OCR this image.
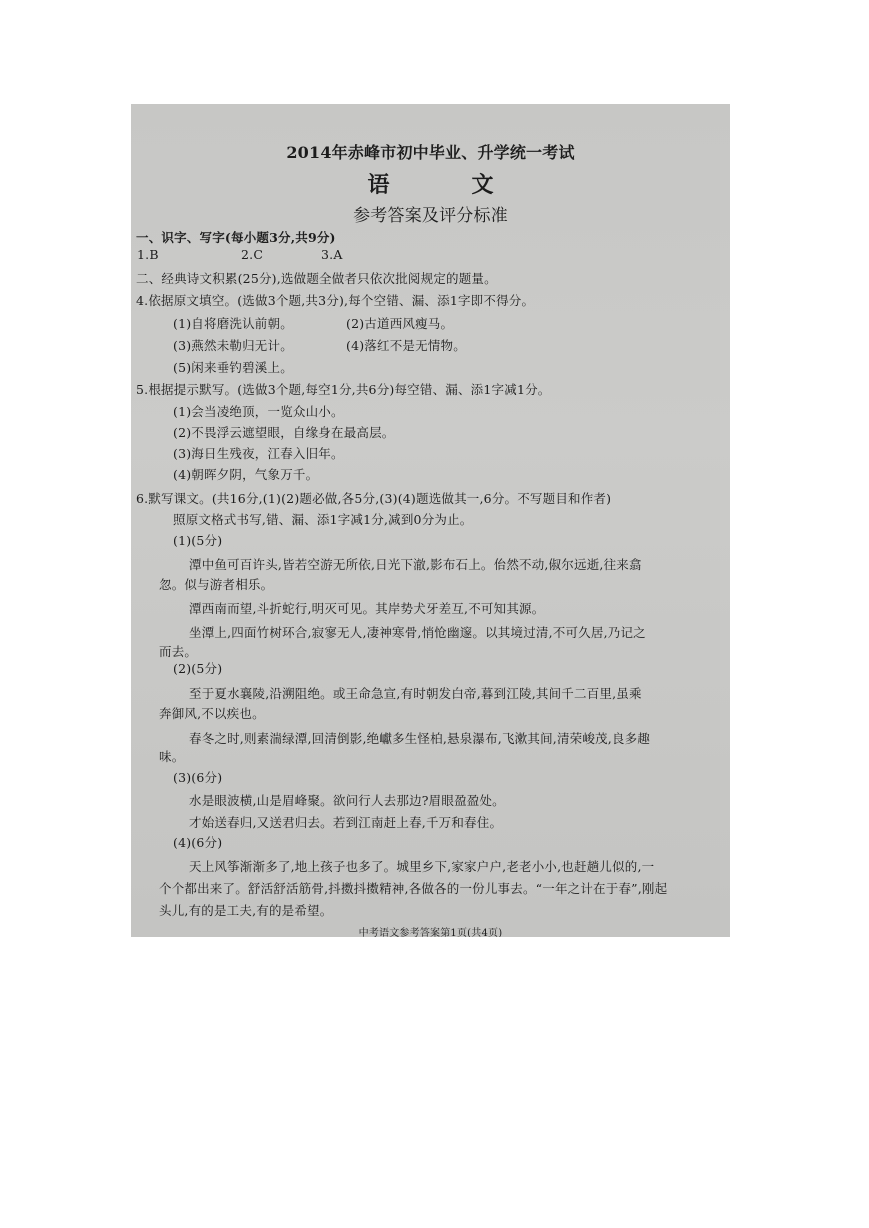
2014年赤峰市初中毕业、升学统一考试
语　文
参考答案及评分标准
一、识字、写字(每小题3分,共9分)
1.B	2.C	3.A
二、经典诗文积累(25分),选做题全做者只依次批阅规定的题量。
4.依据原文填空。(选做3个题,共3分),每个空错、漏、添1字即不得分。
(1)自将磨洗认前朝。	(2)古道西风瘦马。
(3)燕然未勒归无计。	(4)落红不是无情物。
(5)闲来垂钓碧溪上。
5.根据提示默写。(选做3个题,每空1分,共6分)每空错、漏、添1字减1分。
(1)会当凌绝顶，一览众山小。
(2)不畏浮云遮望眼，自缘身在最高层。
(3)海日生残夜，江春入旧年。
(4)朝晖夕阴，气象万千。
6.默写课文。(共16分,(1)(2)题必做,各5分,(3)(4)题选做其一,6分。不写题目和作者)
照原文格式书写,错、漏、添1字减1分,减到0分为止。
(1)(5分)
潭中鱼可百许头,皆若空游无所依,日光下澈,影布石上。佁然不动,俶尔远逝,往来翕
忽。似与游者相乐。
潭西南而望,斗折蛇行,明灭可见。其岸势犬牙差互,不可知其源。
坐潭上,四面竹树环合,寂寥无人,凄神寒骨,悄怆幽邃。以其境过清,不可久居,乃记之
而去。
(2)(5分)
至于夏水襄陵,沿溯阻绝。或王命急宣,有时朝发白帝,暮到江陵,其间千二百里,虽乘
奔御风,不以疾也。
春冬之时,则素湍绿潭,回清倒影,绝巘多生怪柏,悬泉瀑布,飞漱其间,清荣峻茂,良多趣
味。
(3)(6分)
水是眼波横,山是眉峰聚。欲问行人去那边?眉眼盈盈处。
才始送春归,又送君归去。若到江南赶上春,千万和春住。
(4)(6分)
天上风筝渐渐多了,地上孩子也多了。城里乡下,家家户户,老老小小,也赶趟儿似的,一
个个都出来了。舒活舒活筋骨,抖擞抖擞精神,各做各的一份儿事去。“一年之计在于春”,刚起
头儿,有的是工夫,有的是希望。
中考语文参考答案第1页(共4页)
